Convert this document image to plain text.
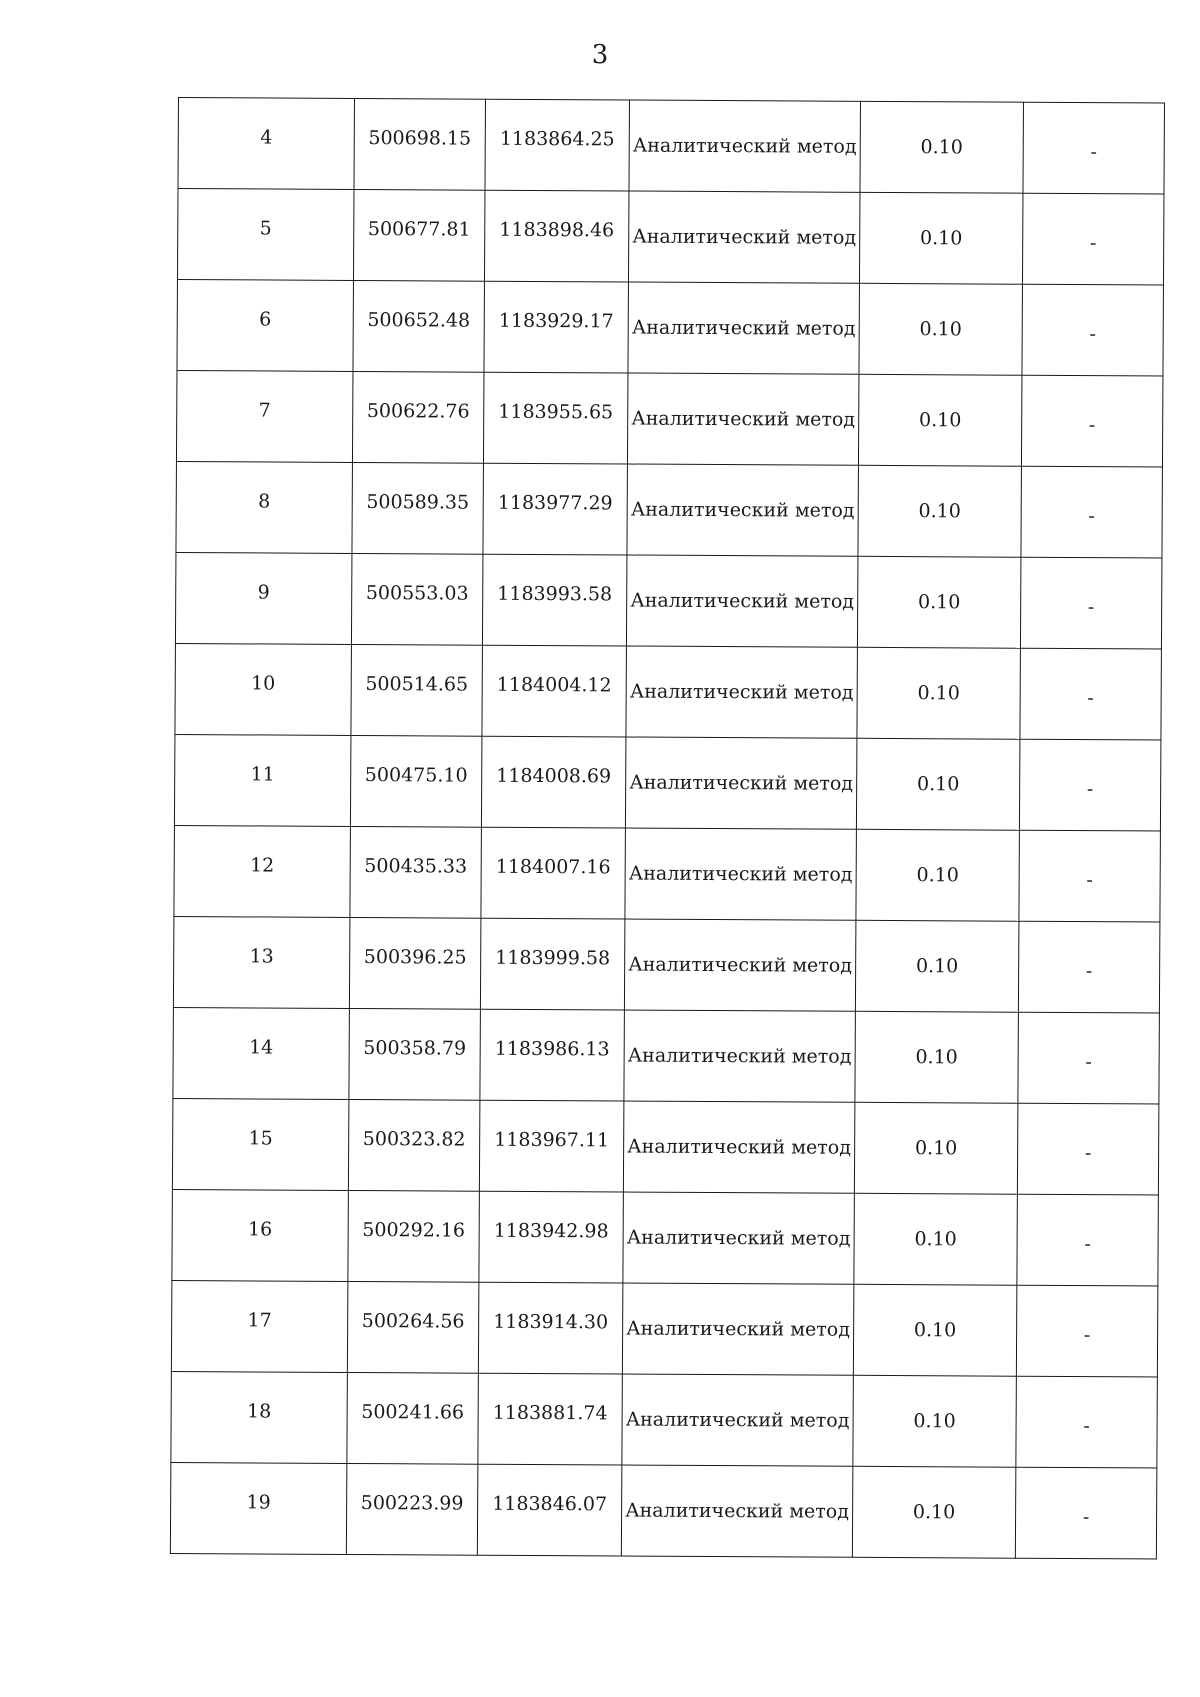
3
4	500698.15	1183864.25	Аналитический метод	0.10	-

5	500677.81	1183898.46	Аналитический метод	0.10	-

6	500652.48	1183929.17	Аналитический метод	0.10	-

7	500622.76	1183955.65	Аналитический метод	0.10	-

8	500589.35	1183977.29	Аналитический метод	0.10	-

9	500553.03	1183993.58	Аналитический метод	0.10	-

10	500514.65	1184004.12	Аналитический метод	0.10	-

11	500475.10	1184008.69	Аналитический метод	0.10	-

12	500435.33	1184007.16	Аналитический метод	0.10	-

13	500396.25	1183999.58	Аналитический метод	0.10	-

14	500358.79	1183986.13	Аналитический метод	0.10	-

15	500323.82	1183967.11	Аналитический метод	0.10	-

16	500292.16	1183942.98	Аналитический метод	0.10	-

17	500264.56	1183914.30	Аналитический метод	0.10	-

18	500241.66	1183881.74	Аналитический метод	0.10	-

19	500223.99	1183846.07	Аналитический метод	0.10	-
